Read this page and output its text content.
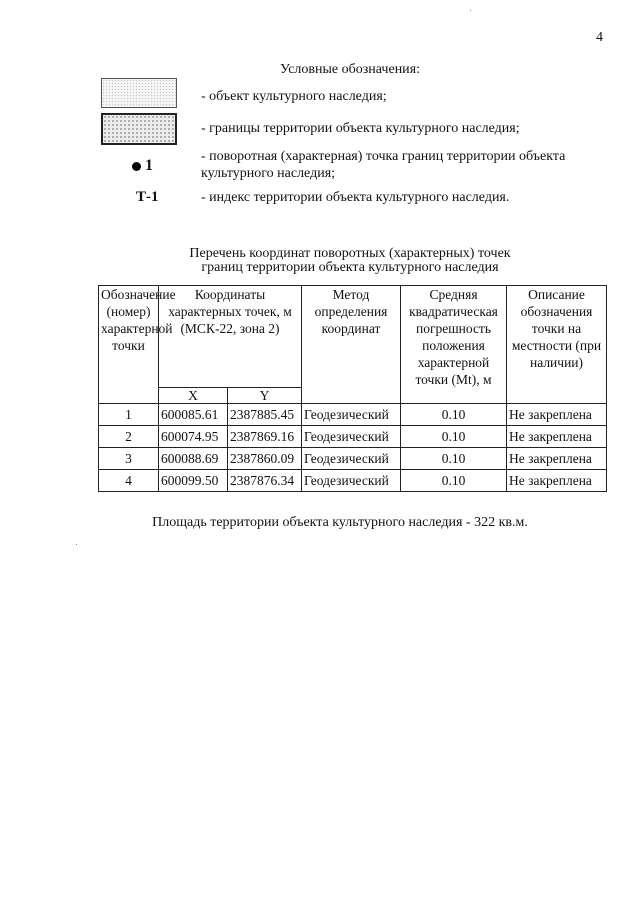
4
Условные обозначения:
- объект культурного наследия;
- границы территории объекта культурного наследия;
1
- поворотная (характерная) точка границ территории объекта культурного наследия;
Т-1	- индекс территории объекта культурного наследия.
Перечень координат поворотных (характерных) точек
границ территории объекта культурного наследия
Обозначение (номер) характерной точки	Координаты характерных точек, м (МСК-22, зона 2)		Метод определения координат	Средняя квадратическая погрешность положения характерной точки (Mt), м	Описание обозначения точки на местности (при наличии)
	X	Y			
1	600085.61	2387885.45	Геодезический	0.10	Не закреплена
2	600074.95	2387869.16	Геодезический	0.10	Не закреплена
3	600088.69	2387860.09	Геодезический	0.10	Не закреплена
4	600099.50	2387876.34	Геодезический	0.10	Не закреплена
Площадь территории объекта культурного наследия - 322 кв.м.
